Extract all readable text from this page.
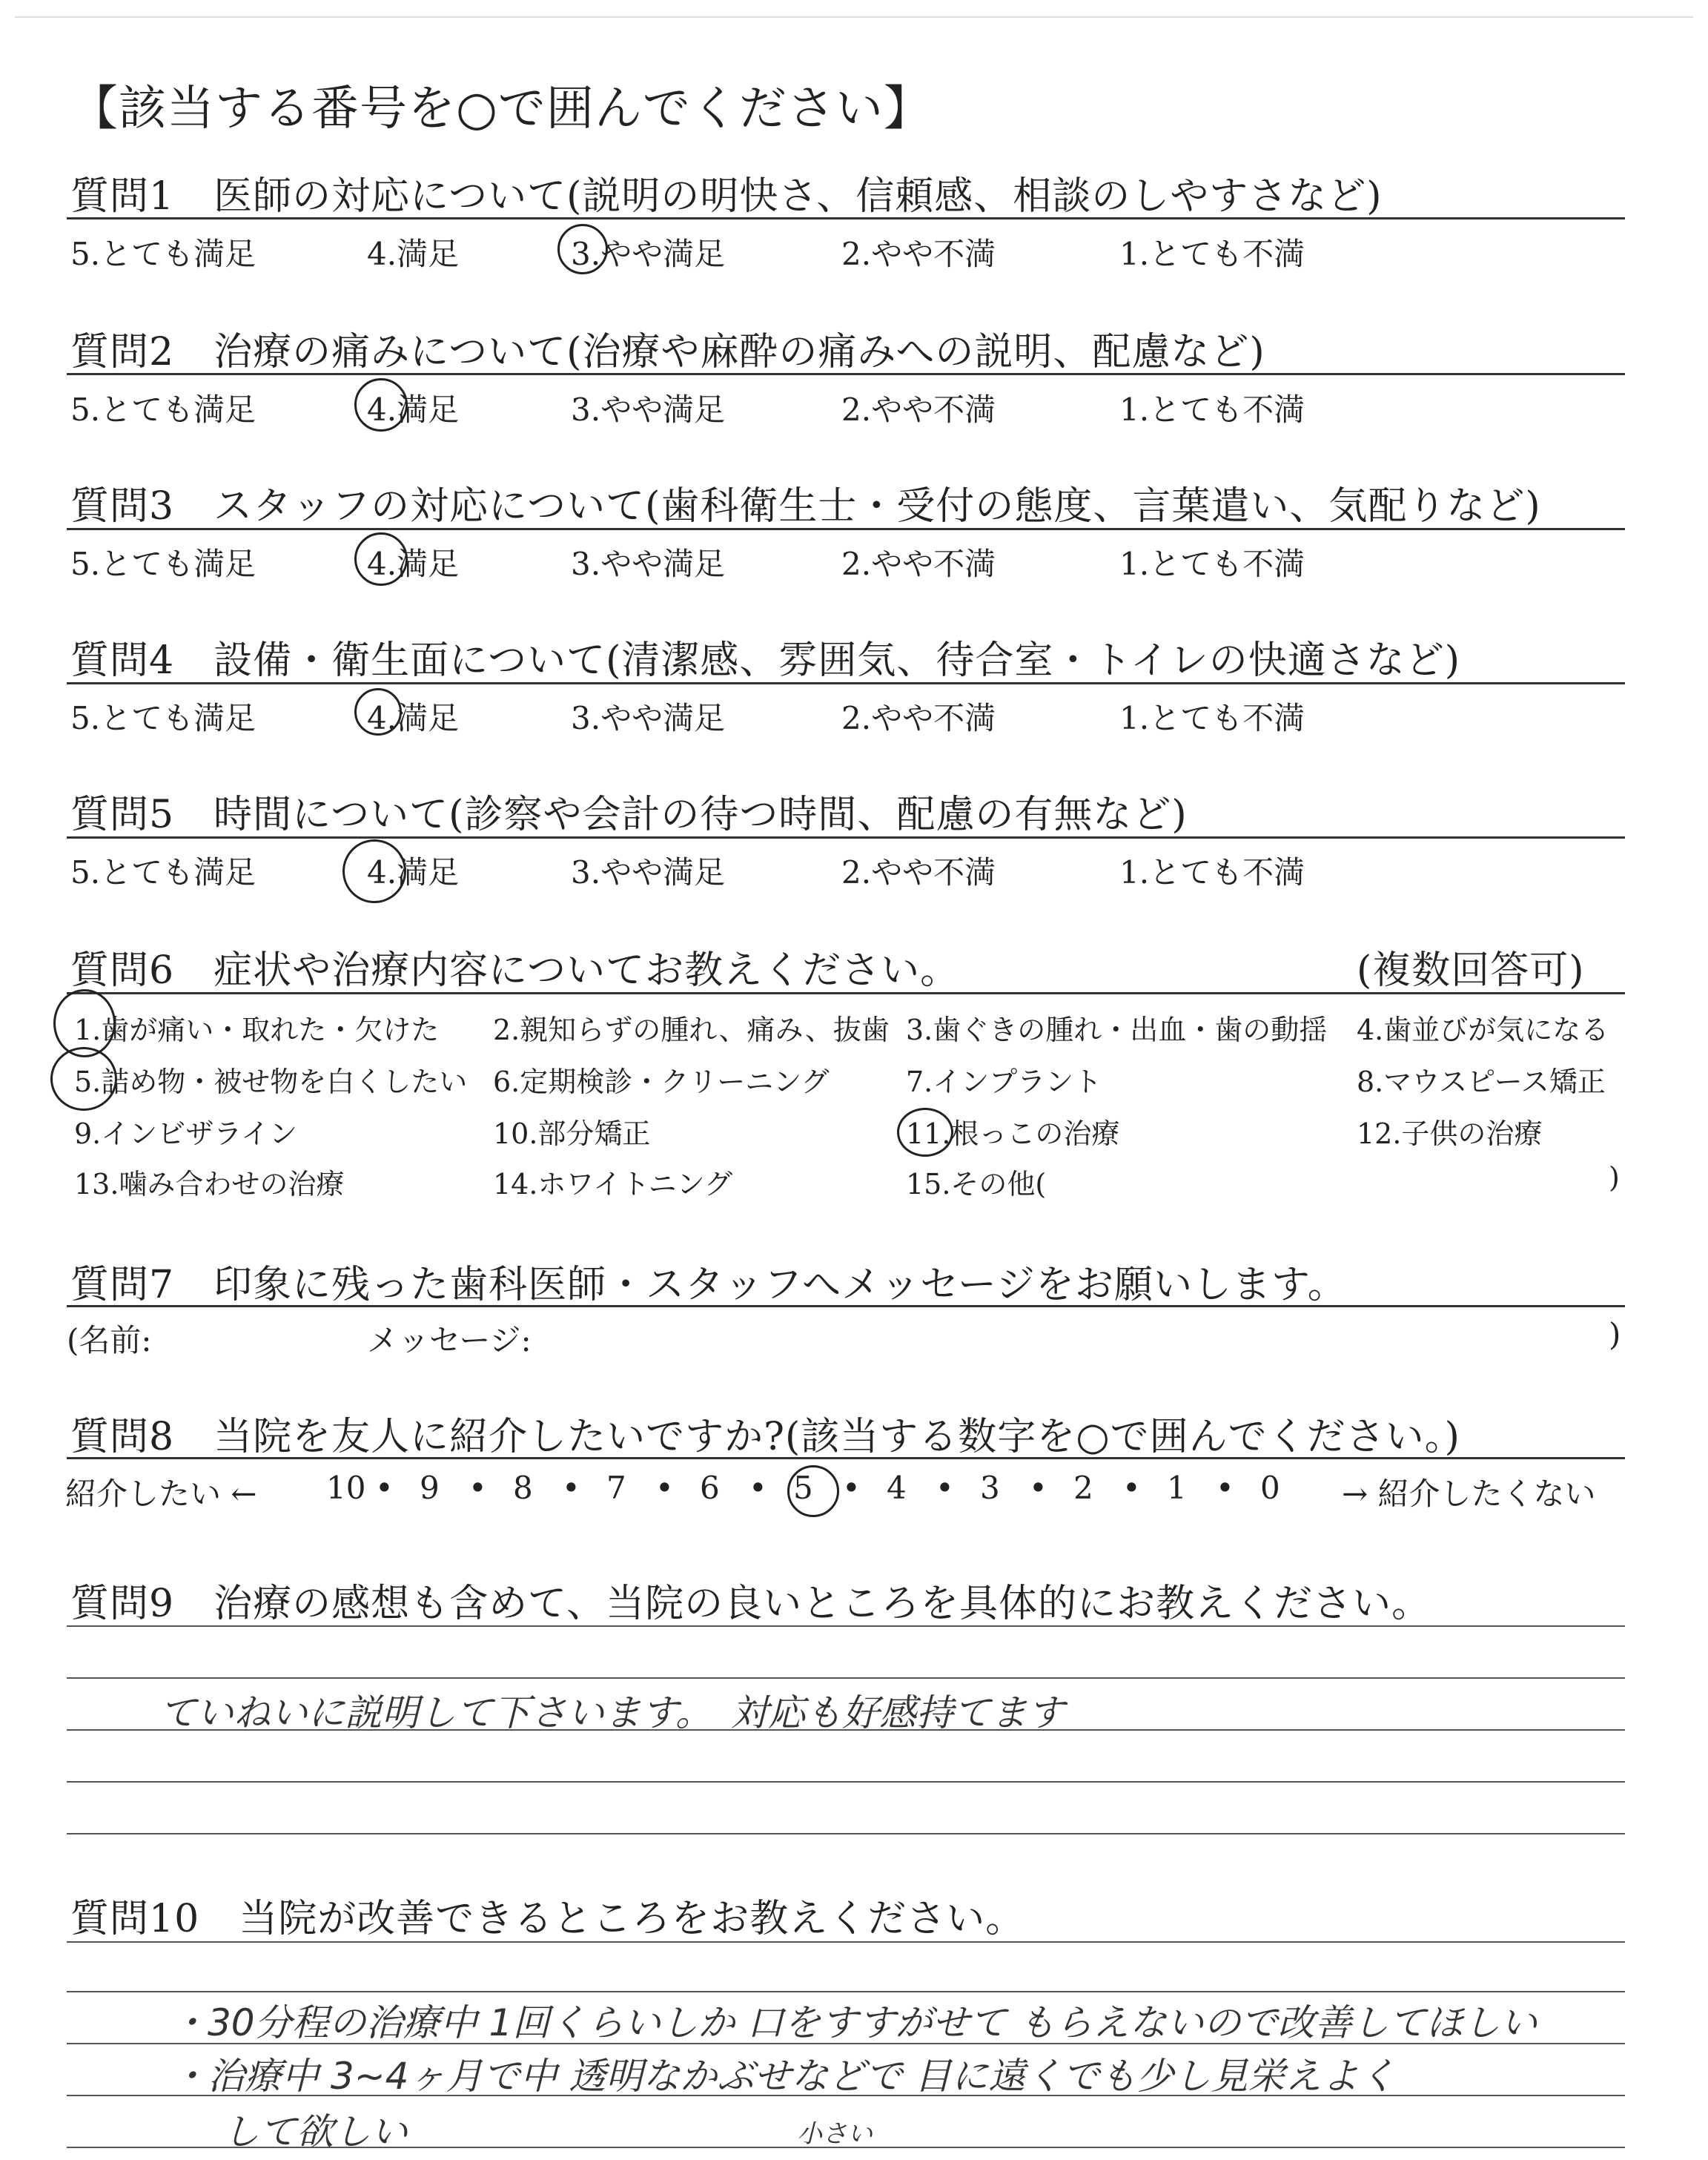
【該当する番号を○で囲んでください】
質問1　 医師の対応について(説明の明快さ、信頼感、相談のしやすさなど)
5.とても満足	4.満足	3.やや満足	2.やや不満	1.とても不満
質問2　 治療の痛みについて(治療や麻酔の痛みへの説明、配慮など)
5.とても満足	4.満足	3.やや満足	2.やや不満	1.とても不満
質問3　 スタッフの対応について(歯科衛生士・受付の態度、言葉遣い、気配りなど)
5.とても満足	4.満足	3.やや満足	2.やや不満	1.とても不満
質問4　 設備・衛生面について(清潔感、雰囲気、待合室・トイレの快適さなど)
5.とても満足	4.満足	3.やや満足	2.やや不満	1.とても不満
質問5　 時間について(診察や会計の待つ時間、配慮の有無など)
5.とても満足	4.満足	3.やや満足	2.やや不満	1.とても不満
質問6　 症状や治療内容についてお教えください。	(複数回答可)
1.歯が痛い・取れた・欠けた 2.親知らずの腫れ、痛み、抜歯 3.歯ぐきの腫れ・出血・歯の動揺 4.歯並びが気になる
5.詰め物・被せ物を白くしたい 6.定期検診・クリーニング	7.インプラント	8.マウスピース矯正
9.インビザライン	10.部分矯正	11.根っこの治療	12.子供の治療
13.噛み合わせの治療	14.ホワイトニング	15.その他(	)
質問7　 印象に残った歯科医師・スタッフへメッセージをお願いします。
(名前:	メッセージ:	)
質問8　 当院を友人に紹介したいですか?(該当する数字を○で囲んでください。)
紹介したい ←	→ 紹介したくない
10 • 9 • 8 • 7 • 6 • 5 • 4 • 3 • 2 • 1 • 0
質問9　 治療の感想も含めて、当院の良いところを具体的にお教えください。
ていねいに説明して下さいます。　対応も好感持てます
質問10　 当院が改善できるところをお教えください。
・30分程の治療中 1回くらいしか 口をすすがせて もらえないので改善してほしい
・治療中 3~4ヶ月で中 透明なかぶせなどで 目に遠くでも少し見栄えよく
して欲しい	小さい
